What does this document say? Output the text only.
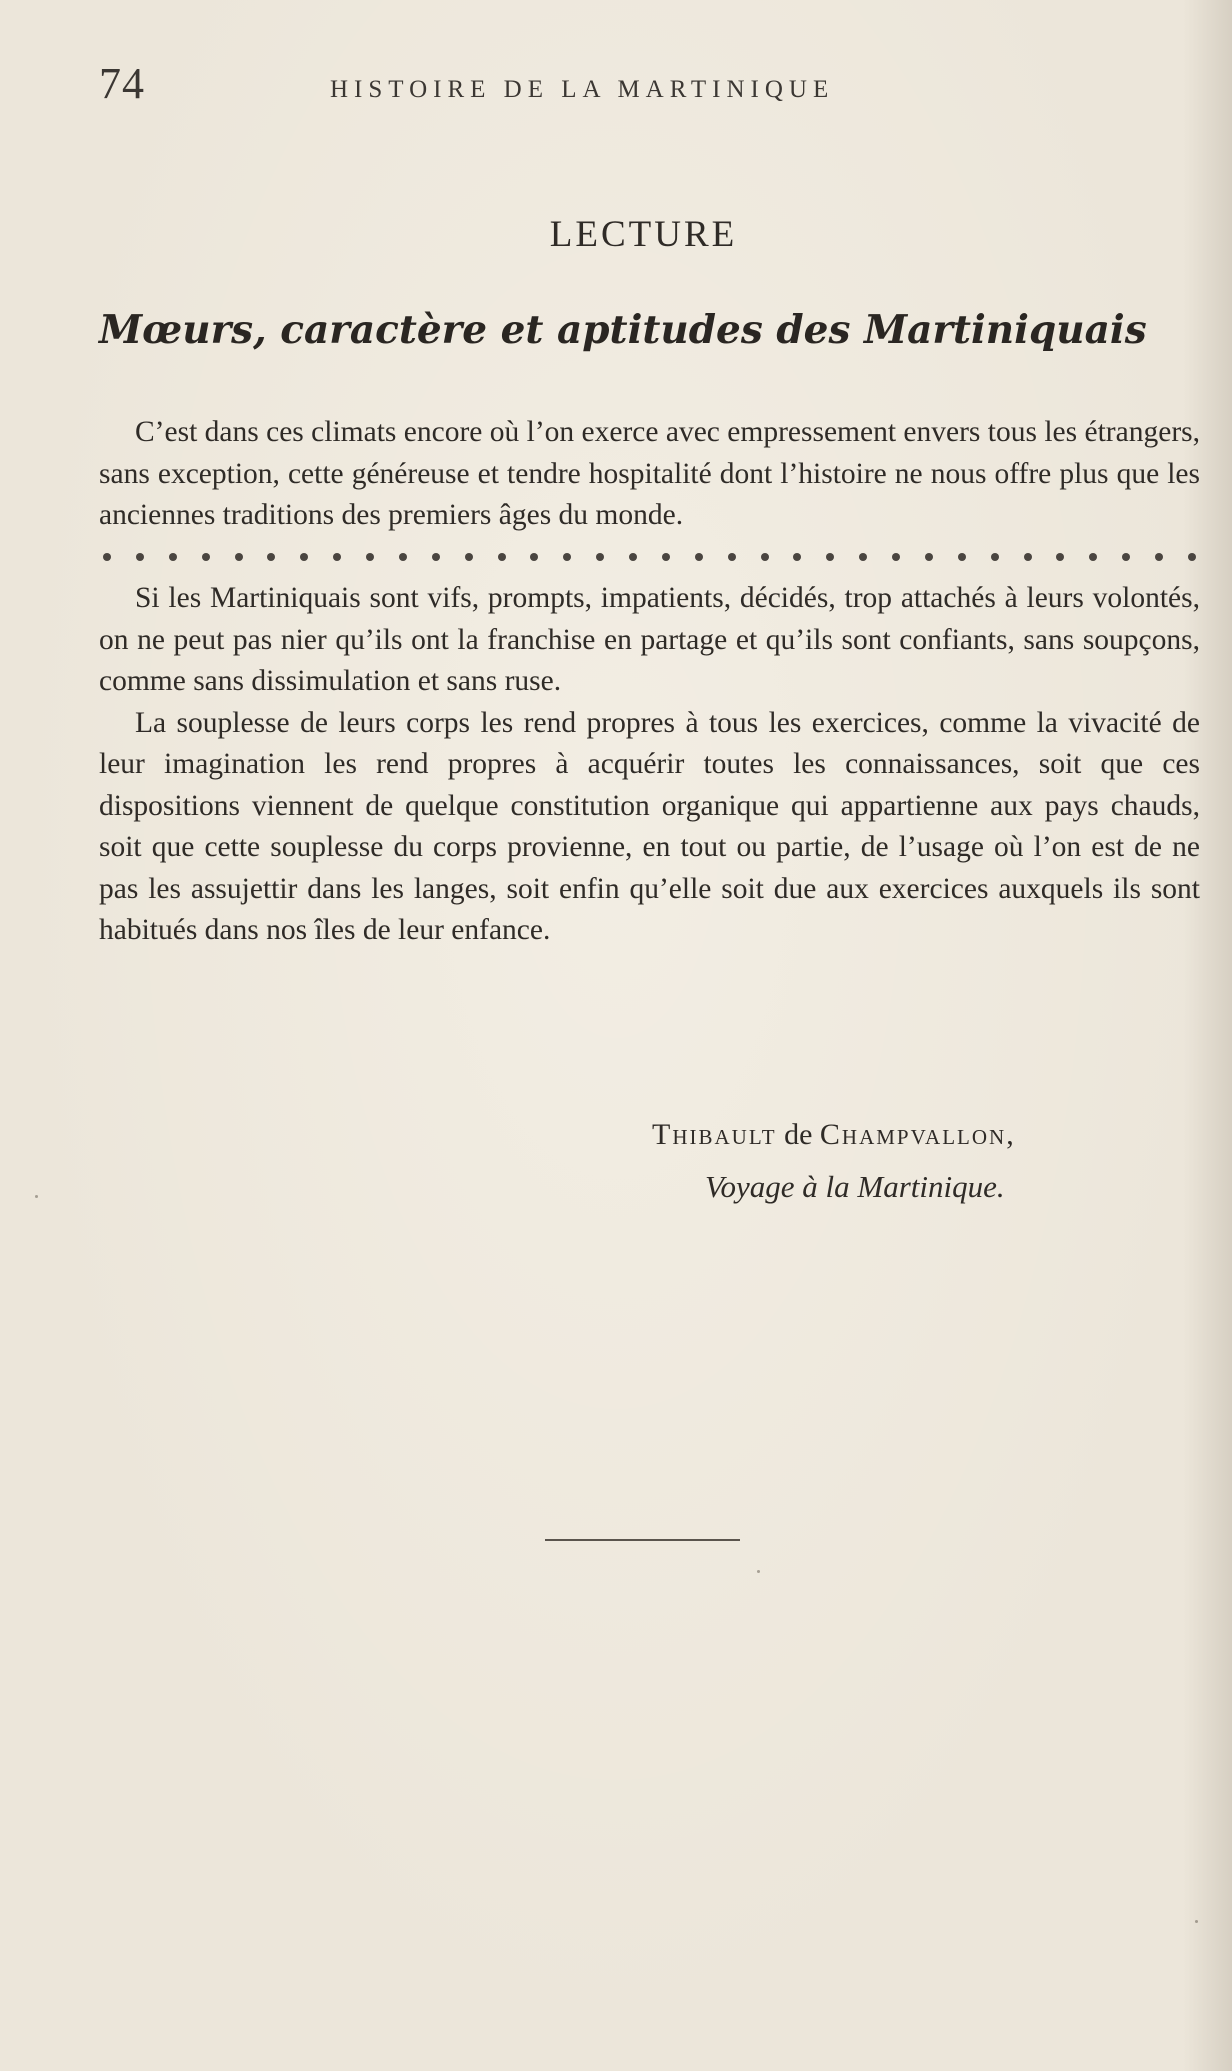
74	HISTOIRE DE LA MARTINIQUE
LECTURE
Mœurs, caractère et aptitudes des Martiniquais

C’est dans ces climats encore où l’on exerce avec empressement envers tous les étrangers, sans exception, cette généreuse et tendre hospitalité dont l’histoire ne nous offre plus que les anciennes traditions des premiers âges du monde.

Si les Martiniquais sont vifs, prompts, impatients, décidés, trop attachés à leurs volontés, on ne peut pas nier qu’ils ont la franchise en partage et qu’ils sont confiants, sans soupçons, comme sans dissimulation et sans ruse.

La souplesse de leurs corps les rend propres à tous les exercices, comme la vivacité de leur imagination les rend propres à acquérir toutes les connaissances, soit que ces dispositions viennent de quelque constitution organique qui appartienne aux pays chauds, soit que cette souplesse du corps provienne, en tout ou partie, de l’usage où l’on est de ne pas les assujettir dans les langes, soit enfin qu’elle soit due aux exercices auxquels ils sont habitués dans nos îles de leur enfance.

Thibault de Champvallon,
Voyage à la Martinique.
